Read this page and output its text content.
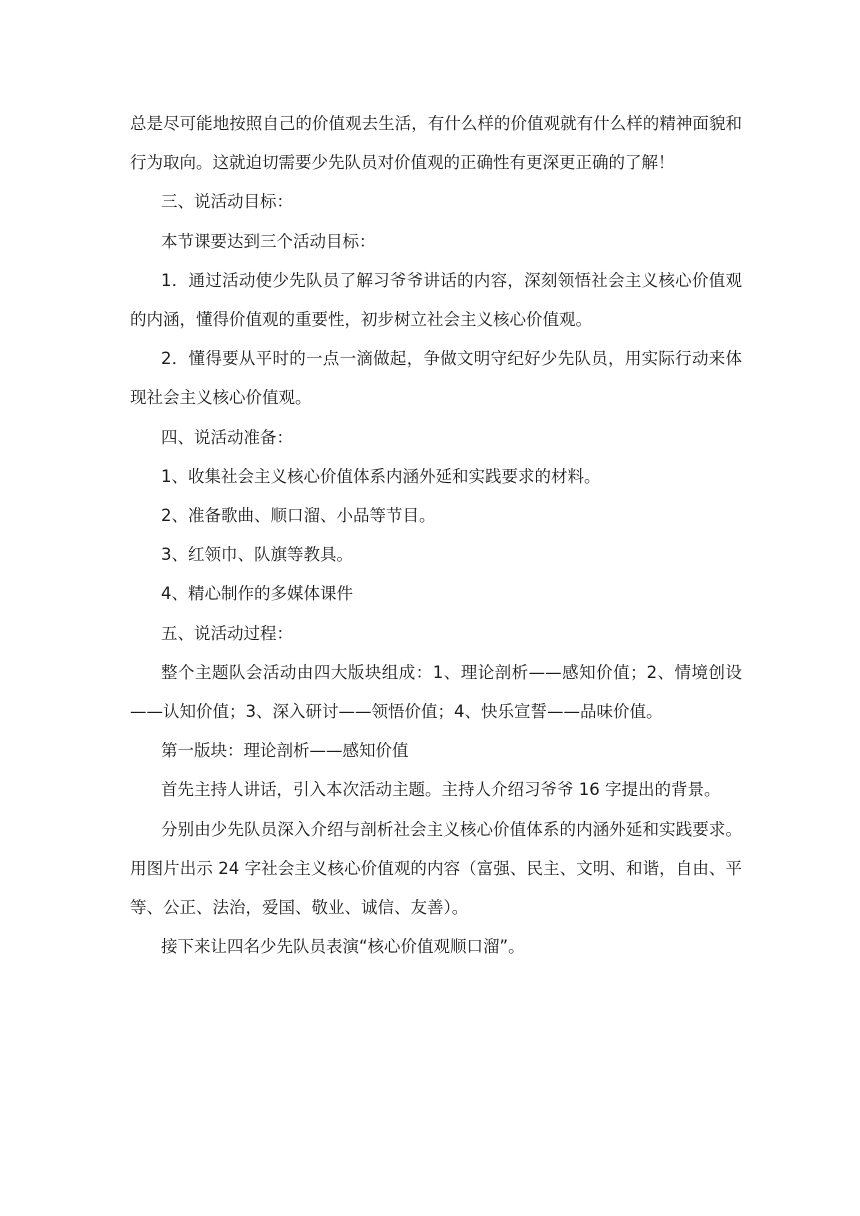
总是尽可能地按照自己的价值观去生活，有什么样的价值观就有什么样的精神面貌和行为取向。这就迫切需要少先队员对价值观的正确性有更深更正确的了解！

三、说活动目标：

本节课要达到三个活动目标：

1．通过活动使少先队员了解习爷爷讲话的内容，深刻领悟社会主义核心价值观的内涵，懂得价值观的重要性，初步树立社会主义核心价值观。

2．懂得要从平时的一点一滴做起，争做文明守纪好少先队员，用实际行动来体现社会主义核心价值观。

四、说活动准备：

1、收集社会主义核心价值体系内涵外延和实践要求的材料。

2、准备歌曲、顺口溜、小品等节目。

3、红领巾、队旗等教具。

4、精心制作的多媒体课件

五、说活动过程：

整个主题队会活动由四大版块组成：1、理论剖析——感知价值；2、情境创设——认知价值；3、深入研讨——领悟价值；4、快乐宣誓——品味价值。

第一版块：理论剖析——感知价值

首先主持人讲话，引入本次活动主题。主持人介绍习爷爷 16 字提出的背景。

分别由少先队员深入介绍与剖析社会主义核心价值体系的内涵外延和实践要求。用图片出示 24 字社会主义核心价值观的内容（富强、民主、文明、和谐，自由、平等、公正、法治，爱国、敬业、诚信、友善）。

接下来让四名少先队员表演“核心价值观顺口溜”。
